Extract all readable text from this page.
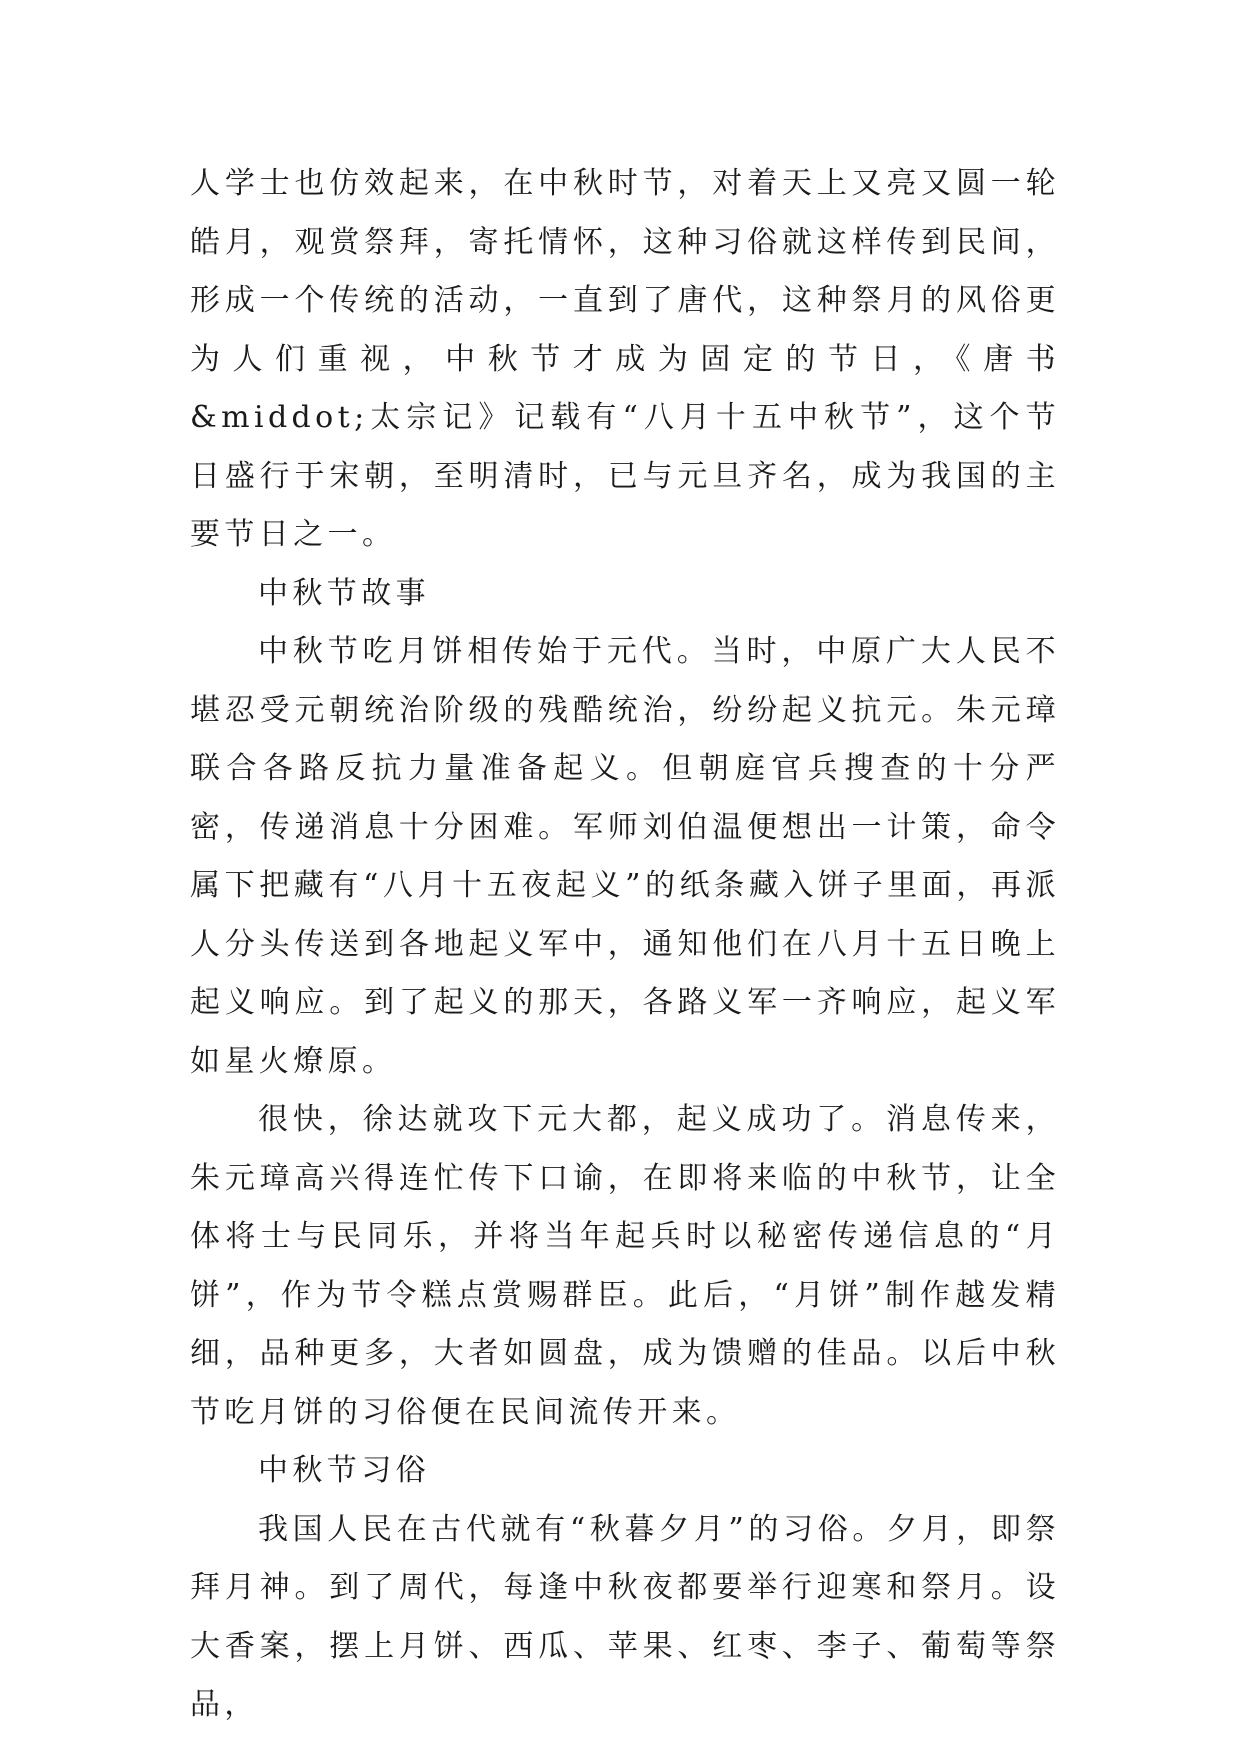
人学士也仿效起来，在中秋时节，对着天上又亮又圆一轮皓月，观赏祭拜，寄托情怀，这种习俗就这样传到民间，形成一个传统的活动，一直到了唐代，这种祭月的风俗更为人们重视，中秋节才成为固定的节日，《唐书&middot;太宗记》记载有“八月十五中秋节”，这个节日盛行于宋朝，至明清时，已与元旦齐名，成为我国的主要节日之一。

中秋节故事

中秋节吃月饼相传始于元代。当时，中原广大人民不堪忍受元朝统治阶级的残酷统治，纷纷起义抗元。朱元璋联合各路反抗力量准备起义。但朝庭官兵搜查的十分严密，传递消息十分困难。军师刘伯温便想出一计策，命令属下把藏有“八月十五夜起义”的纸条藏入饼子里面，再派人分头传送到各地起义军中，通知他们在八月十五日晚上起义响应。到了起义的那天，各路义军一齐响应，起义军如星火燎原。

很快，徐达就攻下元大都，起义成功了。消息传来，朱元璋高兴得连忙传下口谕，在即将来临的中秋节，让全体将士与民同乐，并将当年起兵时以秘密传递信息的“月饼”，作为节令糕点赏赐群臣。此后，“月饼”制作越发精细，品种更多，大者如圆盘，成为馈赠的佳品。以后中秋节吃月饼的习俗便在民间流传开来。

中秋节习俗

我国人民在古代就有“秋暮夕月”的习俗。夕月，即祭拜月神。到了周代，每逢中秋夜都要举行迎寒和祭月。设大香案，摆上月饼、西瓜、苹果、红枣、李子、葡萄等祭品，
